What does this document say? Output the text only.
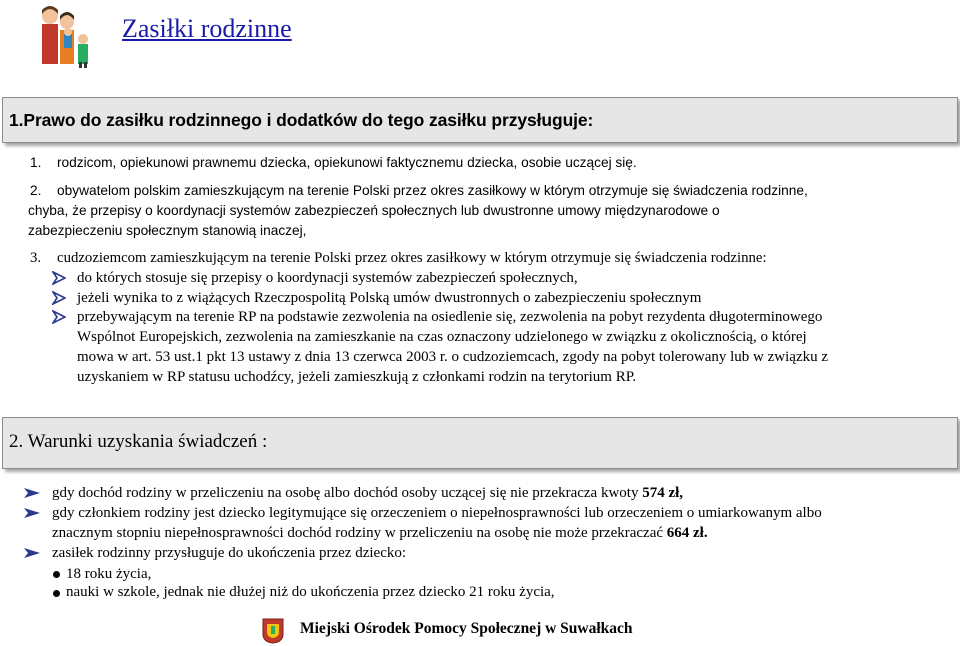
Zasiłki rodzinne
1.Prawo do zasiłku rodzinnego i dodatków do tego zasiłku przysługuje:
1. rodzicom, opiekunowi prawnemu dziecka, opiekunowi faktycznemu dziecka, osobie uczącej się.
2. obywatelom polskim zamieszkującym na terenie Polski przez okres zasiłkowy w którym otrzymuje się świadczenia rodzinne,
chyba, że przepisy o koordynacji systemów zabezpieczeń społecznych lub dwustronne umowy międzynarodowe o
zabezpieczeniu społecznym stanowią inaczej,
3. cudzoziemcom zamieszkującym na terenie Polski przez okres zasiłkowy w którym otrzymuje się świadczenia rodzinne:
do których stosuje się przepisy o koordynacji systemów zabezpieczeń społecznych,
jeżeli wynika to z wiążących Rzeczpospolitą Polską umów dwustronnych o zabezpieczeniu społecznym
przebywającym na terenie RP na podstawie zezwolenia na osiedlenie się, zezwolenia na pobyt rezydenta długoterminowego
Wspólnot Europejskich, zezwolenia na zamieszkanie na czas oznaczony udzielonego w związku z okolicznością, o której
mowa w art. 53 ust.1 pkt 13 ustawy z dnia 13 czerwca 2003 r. o cudzoziemcach, zgody na pobyt tolerowany lub w związku z
uzyskaniem w RP statusu uchodźcy, jeżeli zamieszkują z członkami rodzin na terytorium RP.
2. Warunki uzyskania świadczeń :
gdy dochód rodziny w przeliczeniu na osobę albo dochód osoby uczącej się nie przekracza kwoty 574 zł,
gdy członkiem rodziny jest dziecko legitymujące się orzeczeniem o niepełnosprawności lub orzeczeniem o umiarkowanym albo
znacznym stopniu niepełnosprawności dochód rodziny w przeliczeniu na osobę nie może przekraczać 664 zł.
zasiłek rodzinny przysługuje do ukończenia przez dziecko:
18 roku życia,
nauki w szkole, jednak nie dłużej niż do ukończenia przez dziecko 21 roku życia,
Miejski Ośrodek Pomocy Społecznej w Suwałkach
